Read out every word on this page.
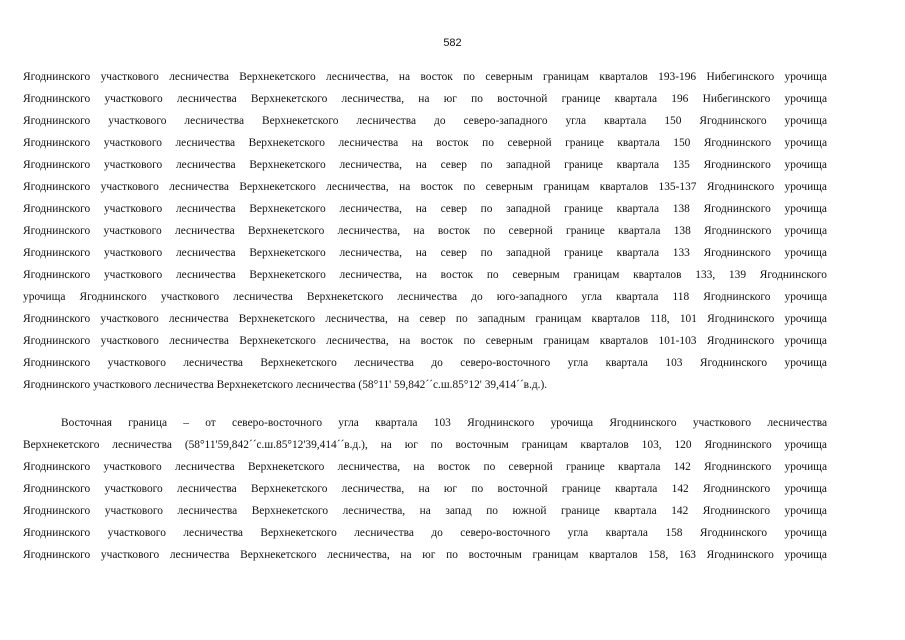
582
Ягоднинского участкового лесничества Верхнекетского лесничества, на восток по северным границам кварталов 193-196 Нибегинского урочища
Ягоднинского участкового лесничества Верхнекетского лесничества, на юг по восточной границе квартала 196 Нибегинского урочища
Ягоднинского участкового лесничества Верхнекетского лесничества до северо-западного угла квартала 150 Ягоднинского урочища
Ягоднинского участкового лесничества Верхнекетского лесничества на восток по северной границе квартала 150 Ягоднинского урочища
Ягоднинского участкового лесничества Верхнекетского лесничества, на север по западной границе квартала 135 Ягоднинского урочища
Ягоднинского участкового лесничества Верхнекетского лесничества, на восток по северным границам кварталов 135-137 Ягоднинского урочища
Ягоднинского участкового лесничества Верхнекетского лесничества, на север по западной границе квартала 138 Ягоднинского урочища
Ягоднинского участкового лесничества Верхнекетского лесничества, на восток по северной границе квартала 138 Ягоднинского урочища
Ягоднинского участкового лесничества Верхнекетского лесничества, на север по западной границе квартала 133 Ягоднинского урочища
Ягоднинского участкового лесничества Верхнекетского лесничества, на восток по северным границам кварталов 133, 139 Ягоднинского
урочища Ягоднинского участкового лесничества Верхнекетского лесничества до юго-западного угла квартала 118 Ягоднинского урочища
Ягоднинского участкового лесничества Верхнекетского лесничества, на север по западным границам кварталов 118, 101 Ягоднинского урочища
Ягоднинского участкового лесничества Верхнекетского лесничества, на восток по северным границам кварталов 101-103 Ягоднинского урочища
Ягоднинского участкового лесничества Верхнекетского лесничества до северо-восточного угла квартала 103 Ягоднинского урочища
Ягоднинского участкового лесничества Верхнекетского лесничества (58°11' 59,842´´с.ш.85°12' 39,414´´в.д.).
Восточная граница – от северо-восточного угла квартала 103 Ягоднинского урочища Ягоднинского участкового лесничества
Верхнекетского лесничества (58°11'59,842´´с.ш.85°12'39,414´´в.д.), на юг по восточным границам кварталов 103, 120 Ягоднинского урочища
Ягоднинского участкового лесничества Верхнекетского лесничества, на восток по северной границе квартала 142 Ягоднинского урочища
Ягоднинского участкового лесничества Верхнекетского лесничества, на юг по восточной границе квартала 142 Ягоднинского урочища
Ягоднинского участкового лесничества Верхнекетского лесничества, на запад по южной границе квартала 142 Ягоднинского урочища
Ягоднинского участкового лесничества Верхнекетского лесничества до северо-восточного угла квартала 158 Ягоднинского урочища
Ягоднинского участкового лесничества Верхнекетского лесничества, на юг по восточным границам кварталов 158, 163 Ягоднинского урочища
